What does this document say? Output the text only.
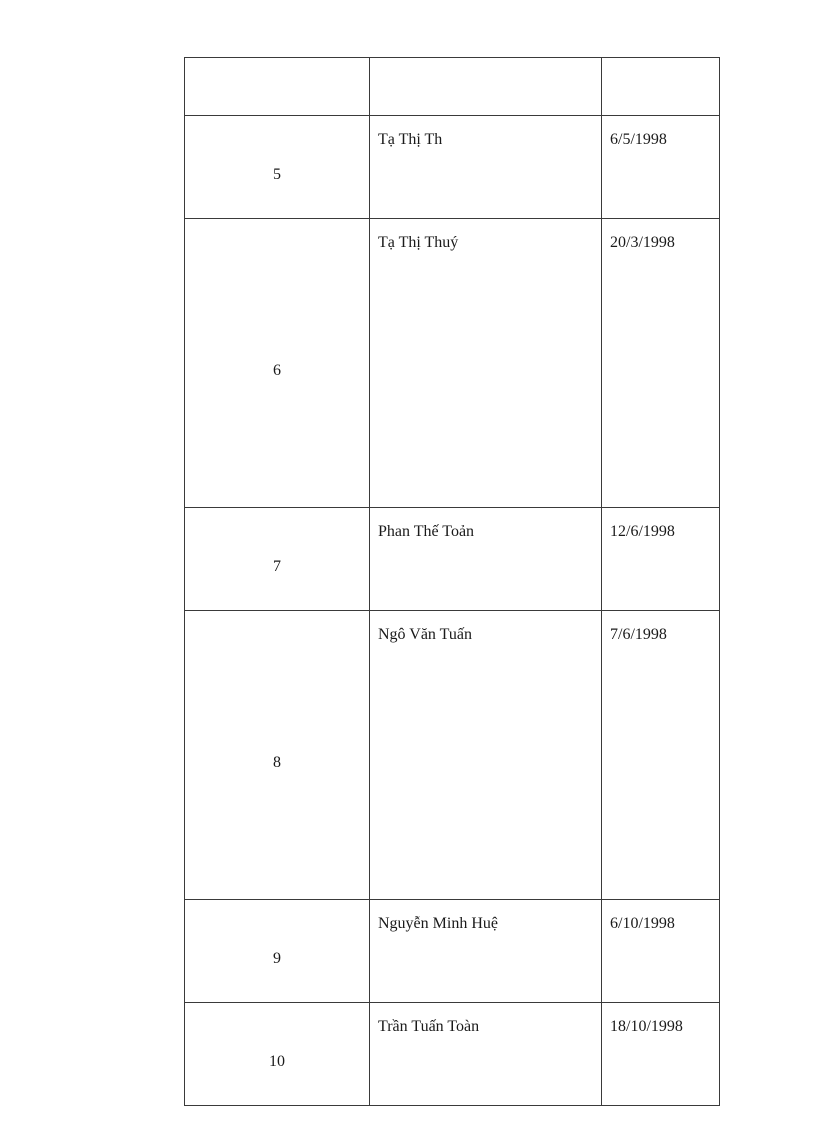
5	Tạ Thị Th	6/5/1998
6	Tạ Thị Thuý	20/3/1998
7	Phan Thế Toản	12/6/1998
8	Ngô Văn Tuấn	7/6/1998
9	Nguyễn Minh Huệ	6/10/1998
10	Trần Tuấn Toàn	18/10/1998
